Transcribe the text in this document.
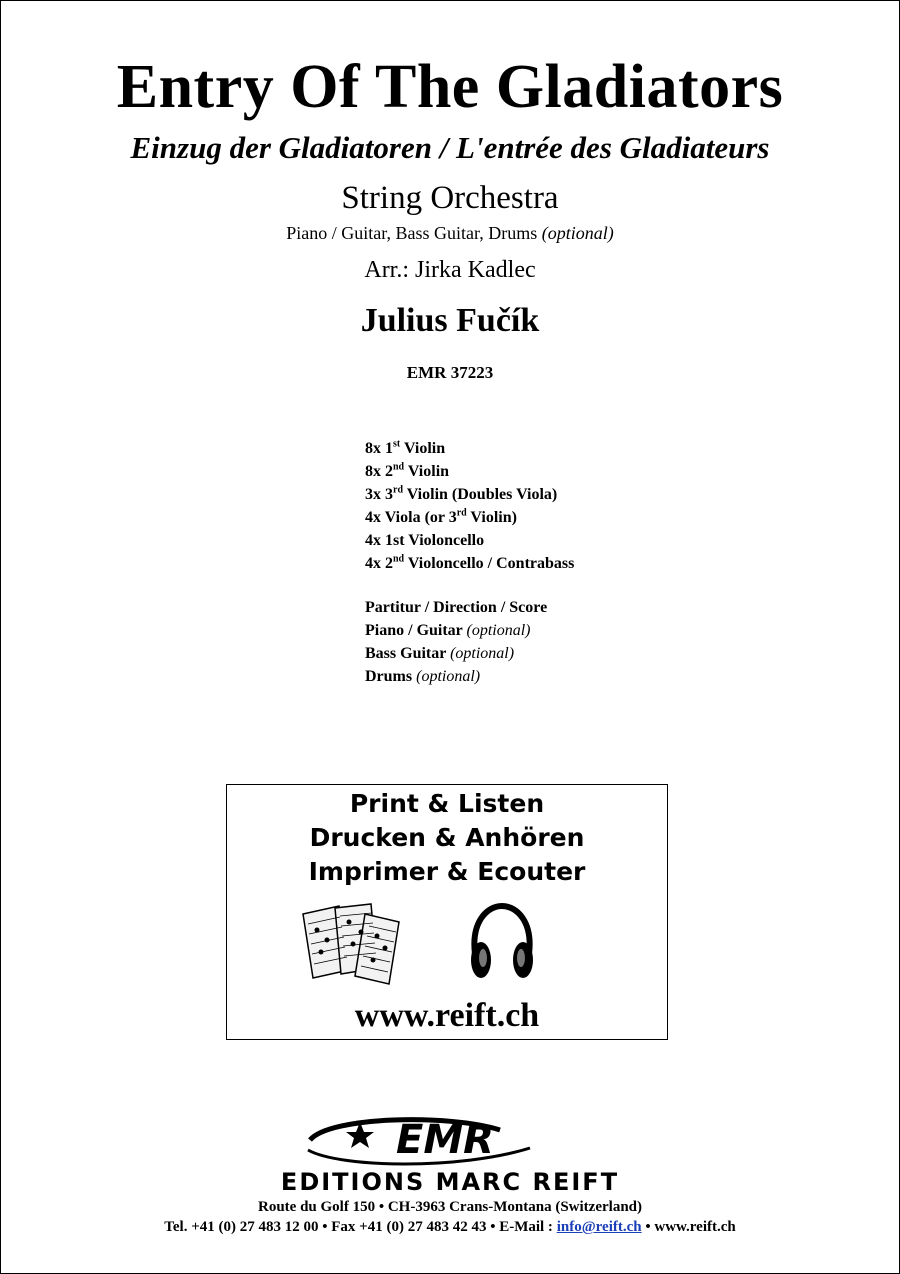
Entry Of The Gladiators
Einzug der Gladiatoren / L'entrée des Gladiateurs
String Orchestra
Piano / Guitar, Bass Guitar, Drums (optional)
Arr.: Jirka Kadlec
Julius Fučík
EMR 37223
8x 1st Violin
8x 2nd Violin
3x 3rd Violin (Doubles Viola)
4x Viola (or 3rd Violin)
4x 1st Violoncello
4x 2nd Violoncello / Contrabass
Partitur / Direction / Score
Piano / Guitar (optional)
Bass Guitar (optional)
Drums (optional)
Print & Listen
Drucken & Anhören
Imprimer & Ecouter
www.reift.ch
EMR
EDITIONS MARC REIFT
Route du Golf 150 • CH-3963 Crans-Montana (Switzerland)
Tel. +41 (0) 27 483 12 00 • Fax +41 (0) 27 483 42 43 • E-Mail : info@reift.ch • www.reift.ch
